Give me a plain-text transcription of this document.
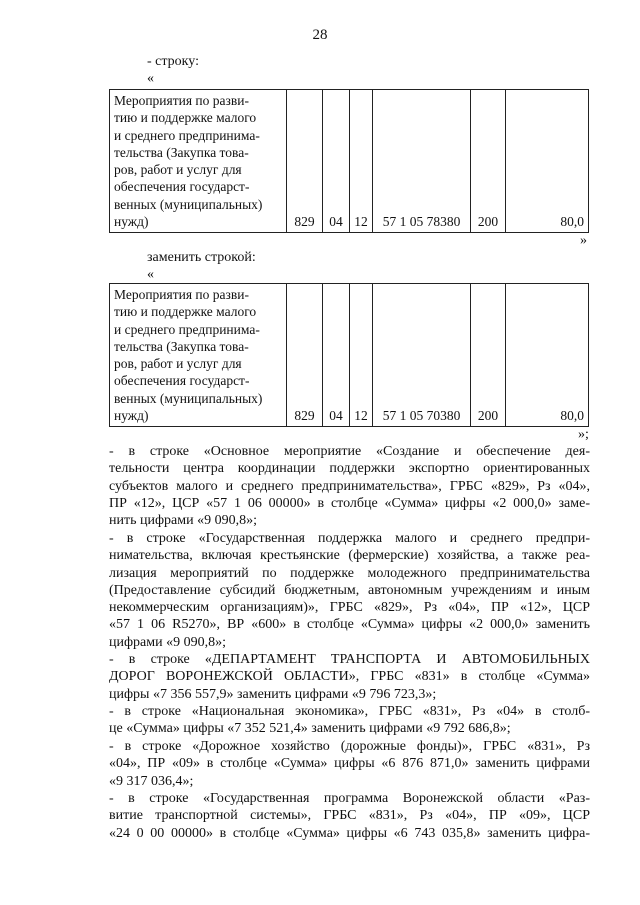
28
- строку:
«
Мероприятия по разви-
тию и поддержке малого
и среднего предпринима-
тельства (Закупка това-
ров, работ и услуг для
обеспечения государст-
венных (муниципальных)
нужд)	829	04	12	57 1 05 78380	200	80,0
»
заменить строкой:
«
Мероприятия по разви-
тию и поддержке малого
и среднего предпринима-
тельства (Закупка това-
ров, работ и услуг для
обеспечения государст-
венных (муниципальных)
нужд)	829	04	12	57 1 05 70380	200	80,0
»;
- в строке «Основное мероприятие «Создание и обеспечение дея-
тельности центра координации поддержки экспортно ориентированных
субъектов малого и среднего предпринимательства», ГРБС «829», Рз «04»,
ПР «12», ЦСР «57 1 06 00000» в столбце «Сумма» цифры «2 000,0» заме-
нить цифрами «9 090,8»;
- в строке «Государственная поддержка малого и среднего предпри-
нимательства, включая крестьянские (фермерские) хозяйства, а также реа-
лизация мероприятий по поддержке молодежного предпринимательства
(Предоставление субсидий бюджетным, автономным учреждениям и иным
некоммерческим организациям)», ГРБС «829», Рз «04», ПР «12», ЦСР
«57 1 06 R5270», ВР «600» в столбце «Сумма» цифры «2 000,0» заменить
цифрами «9 090,8»;
- в строке «ДЕПАРТАМЕНТ ТРАНСПОРТА И АВТОМОБИЛЬНЫХ
ДОРОГ ВОРОНЕЖСКОЙ ОБЛАСТИ», ГРБС «831» в столбце «Сумма»
цифры «7 356 557,9» заменить цифрами «9 796 723,3»;
- в строке «Национальная экономика», ГРБС «831», Рз «04» в столб-
це «Сумма» цифры «7 352 521,4» заменить цифрами «9 792 686,8»;
- в строке «Дорожное хозяйство (дорожные фонды)», ГРБС «831», Рз
«04», ПР «09» в столбце «Сумма» цифры «6 876 871,0» заменить цифрами
«9 317 036,4»;
- в строке «Государственная программа Воронежской области «Раз-
витие транспортной системы», ГРБС «831», Рз «04», ПР «09», ЦСР
«24 0 00 00000» в столбце «Сумма» цифры «6 743 035,8» заменить цифра-
